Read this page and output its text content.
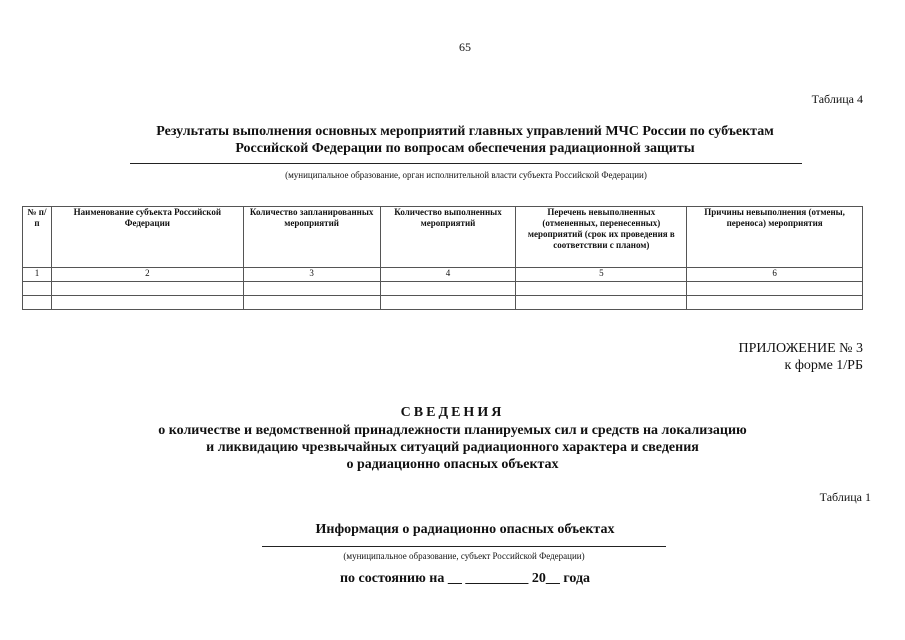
65
Таблица 4
Результаты выполнения основных мероприятий главных управлений МЧС России по субъектам
Российской Федерации по вопросам обеспечения радиационной защиты
(муниципальное образование, орган исполнительной власти субъекта Российской Федерации)
№ п/п	Наименование субъекта Российской Федерации	Количество запланированных мероприятий	Количество выполненных мероприятий	Перечень невыполненных (отмененных, перенесенных) мероприятий (срок их проведения в соответствии с планом)	Причины невыполнения (отмены, переноса) мероприятия
1	2	3	4	5	6

ПРИЛОЖЕНИЕ № 3
к форме 1/РБ
СВЕДЕНИЯ
о количестве и ведомственной принадлежности планируемых сил и средств на локализацию
и ликвидацию чрезвычайных ситуаций радиационного характера и сведения
о радиационно опасных объектах
Таблица 1
Информация о радиационно опасных объектах
(муниципальное образование, субъект Российской Федерации)
по состоянию на __ _________ 20__ года
